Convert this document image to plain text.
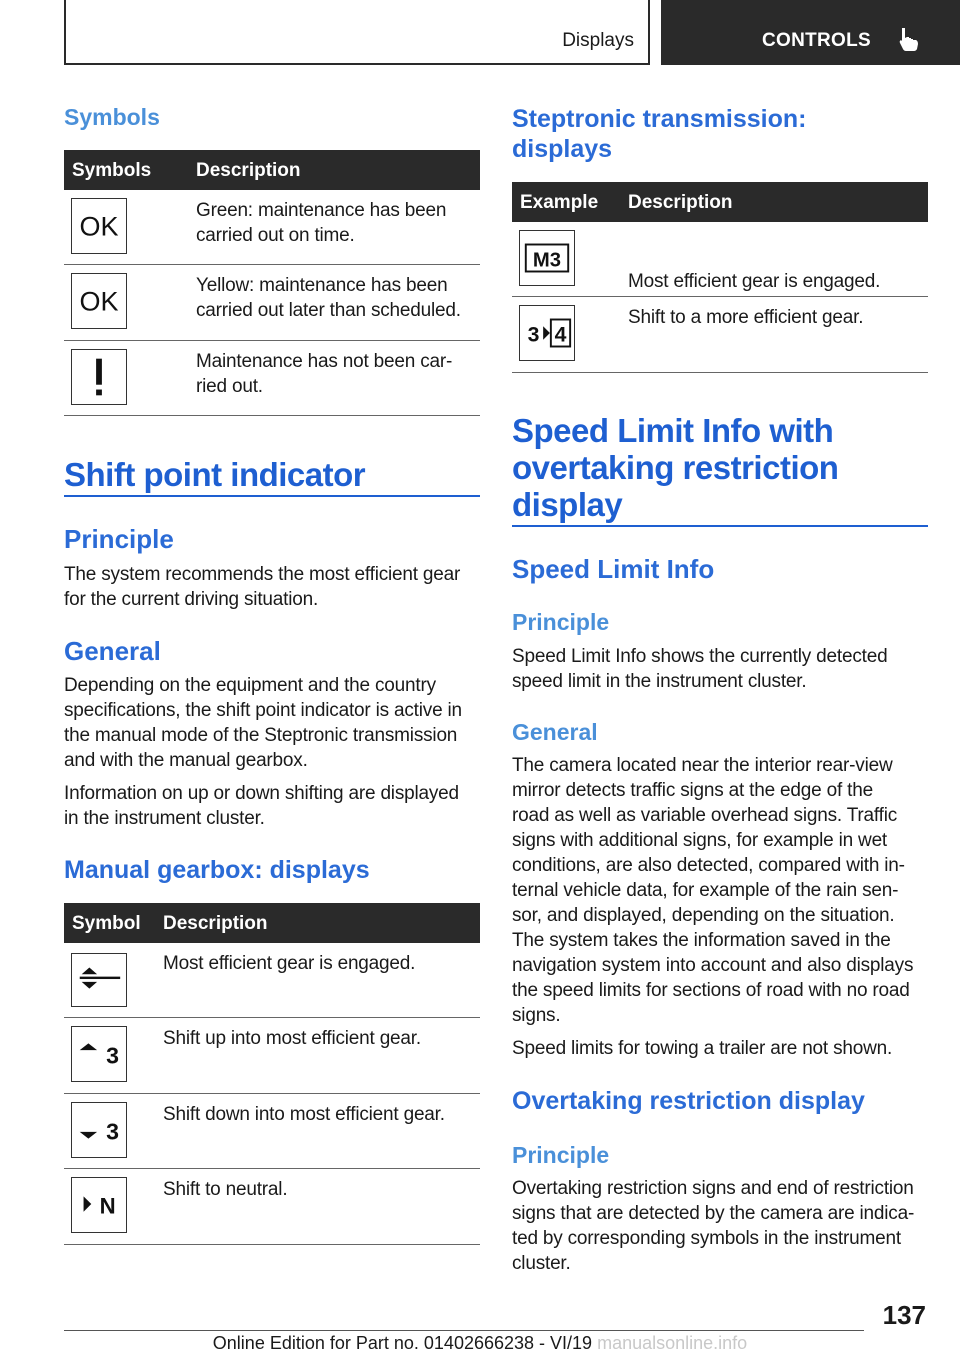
Displays	CONTROLS
Symbols
Symbols Description
OK
Green: maintenance has been
carried out on time.
OK
Yellow: maintenance has been
carried out later than scheduled.
Maintenance has not been car-
ried out.
Shift point indicator
Principle
The system recommends the most efficient gear
for the current driving situation.
General
Depending on the equipment and the country
specifications, the shift point indicator is active in
the manual mode of the Steptronic transmission
and with the manual gearbox.
Information on up or down shifting are displayed
in the instrument cluster.
Manual gearbox: displays
Symbol Description
Most efficient gear is engaged.
3
Shift up into most efficient gear.
3
Shift down into most efficient gear.
N
Shift to neutral.
Steptronic transmission:
displays
Example Description
M3
Most efficient gear is engaged.
3 4
Shift to a more efficient gear.
Speed Limit Info with
overtaking restriction
display
Speed Limit Info
Principle
Speed Limit Info shows the currently detected
speed limit in the instrument cluster.
General
The camera located near the interior rear-view
mirror detects traffic signs at the edge of the
road as well as variable overhead signs. Traffic
signs with additional signs, for example in wet
conditions, are also detected, compared with in-
ternal vehicle data, for example of the rain sen-
sor, and displayed, depending on the situation.
The system takes the information saved in the
navigation system into account and also displays
the speed limits for sections of road with no road
signs.
Speed limits for towing a trailer are not shown.
Overtaking restriction display
Principle
Overtaking restriction signs and end of restriction
signs that are detected by the camera are indica-
ted by corresponding symbols in the instrument
cluster.
137
Online Edition for Part no. 01402666238 - VI/19 manualsonline.info
